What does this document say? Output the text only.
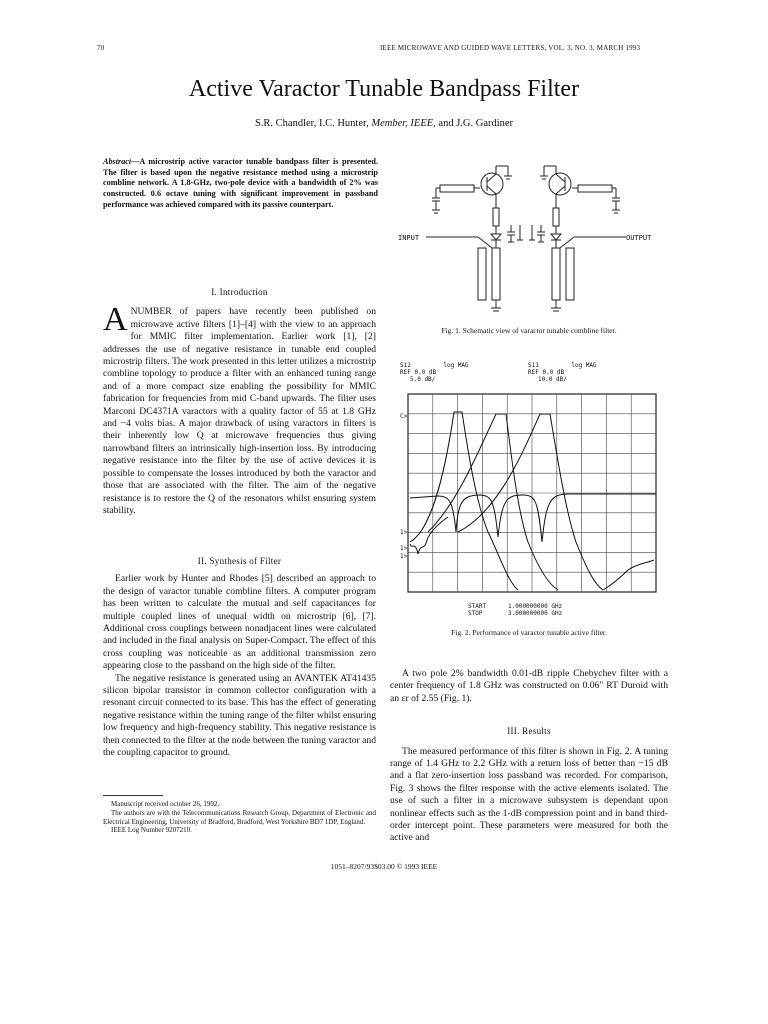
70	IEEE MICROWAVE AND GUIDED WAVE LETTERS, VOL. 3, NO. 3, MARCH 1993
Active Varactor Tunable Bandpass Filter
S.R. Chandler, I.C. Hunter, Member, IEEE, and J.G. Gardiner
Abstract—A microstrip active varactor tunable bandpass filter is presented. The filter is based upon the negative resistance method using a microstrip combline network. A 1.8-GHz, two-pole device with a bandwidth of 2% was constructed. 0.6 octave tuning with significant improvement in passband performance was achieved compared with its passive counterpart.
I. Introduction

ANUMBER of papers have recently been published on microwave active filters [1]–[4] with the view to an approach for MMIC filter implementation. Earlier work [1], [2] addresses the use of negative resistance in tunable end coupled microstrip filters. The work presented in this letter utilizes a microstrip combline topology to produce a filter with an enhanced tuning range and of a more compact size enabling the possibility for MMIC fabrication for frequencies from mid C-band upwards. The filter uses Marconi DC4371A varactors with a quality factor of 55 at 1.8 GHz and −4 volts bias. A major drawback of using varactors in filters is their inherently low Q at microwave frequencies thus giving narrowband filters an intrinsically high-insertion loss. By introducing negative resistance into the filter by the use of active devices it is possible to compensate the losses introduced by both the varactor and those that are associated with the filter. The aim of the negative resistance is to restore the Q of the resonators whilst ensuring system stability.

II. Synthesis of Filter

Earlier work by Hunter and Rhodes [5] described an approach to the design of varactor tunable combline filters. A computer program has been written to calculate the mutual and self capacitances for multiple coupled lines of unequal width on microstrip [6], [7]. Additional cross couplings between nonadjacent lines were calculated and included in the final analysis on Super-Compact. The effect of this cross coupling was noticeable as an additional transmission zero appearing close to the passband on the high side of the filter.

The negative resistance is generated using an AVANTEK AT41435 silicon bipolar transistor in common collector configuration with a resonant circuit connected to its base. This has the effect of generating negative resistance within the tuning range of the filter whilst ensuring low frequency and high-frequency stability. This negative resistance is then connected to the filter at the node between the tuning varactor and the coupling capacitor to ground.

Manuscript received october 26, 1992.

The authors are with the Telecommunications Research Group, Department of Electronic and Electrical Engineering, University of Bradford, Bradford, West Yorkshire BD7 1DP, England.

IEEE Log Number 9207210.

INPUT	OUTPUT
Fig. 1. Schematic view of varactor tunable combline filter.
S12	log MAG
REF 0.0 dB
5.0 dB/
S11	log MAG
REF 0.0 dB
10.0 dB/
C>
1>
1>
1>
START	1.000000000 GHz
STOP	3.000000000 GHz
Fig. 2. Performance of varactor tunable active filter.

A two pole 2% bandwidth 0.01-dB ripple Chebychev filter with a center frequency of 1.8 GHz was constructed on 0.06" RT Duroid with an εr of 2.55 (Fig. 1).

III. Results

The measured performance of this filter is shown in Fig. 2. A tuning range of 1.4 GHz to 2.2 GHz with a return loss of better than −15 dB and a flat zero-insertion loss passband was recorded. For comparison, Fig. 3 shows the filter response with the active elements isolated. The use of such a filter in a microwave subsystem is dependant upon nonlinear effects such as the 1-dB compression point and in band third-order intercept point. These parameters were measured for both the active and

1051–8207/93$03.00 © 1993 IEEE
